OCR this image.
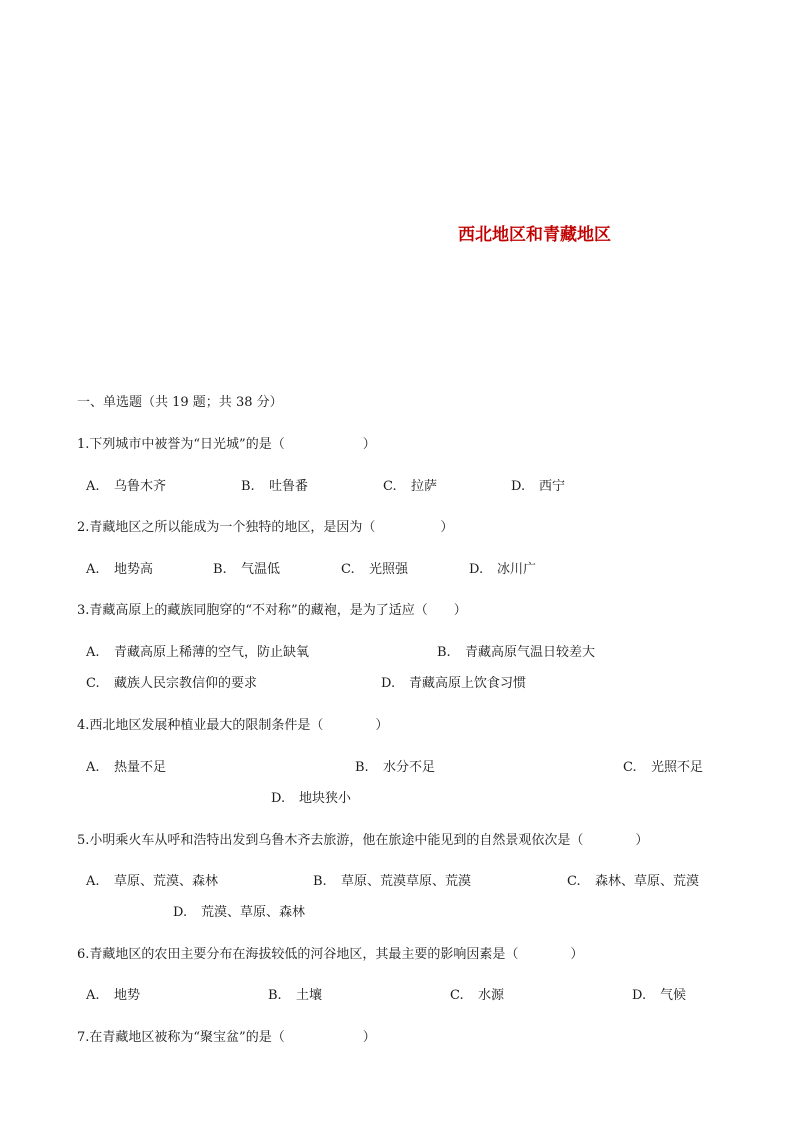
西北地区和青藏地区
一、单选题（共 19 题；共 38 分）
1.下列城市中被誉为“日光城”的是（　　　　　　）
A. 乌鲁木齐	B. 吐鲁番	C. 拉萨	D. 西宁
2.青藏地区之所以能成为一个独特的地区，是因为（　　　　　）
A. 地势高	B. 气温低	C. 光照强	D. 冰川广
3.青藏高原上的藏族同胞穿的“不对称”的藏袍，是为了适应（　　）
A. 青藏高原上稀薄的空气，防止缺氧	B. 青藏高原气温日较差大
C. 藏族人民宗教信仰的要求	D. 青藏高原上饮食习惯
4.西北地区发展种植业最大的限制条件是（　　　　）
A. 热量不足	B. 水分不足	C. 光照不足
D. 地块狭小
5.小明乘火车从呼和浩特出发到乌鲁木齐去旅游，他在旅途中能见到的自然景观依次是（　　　　）
A. 草原、荒漠、森林	B. 草原、荒漠草原、荒漠	C. 森林、草原、荒漠
D. 荒漠、草原、森林
6.青藏地区的农田主要分布在海拔较低的河谷地区，其最主要的影响因素是（　　　　）
A. 地势	B. 土壤	C. 水源	D. 气候
7.在青藏地区被称为“聚宝盆”的是（　　　　　　）
